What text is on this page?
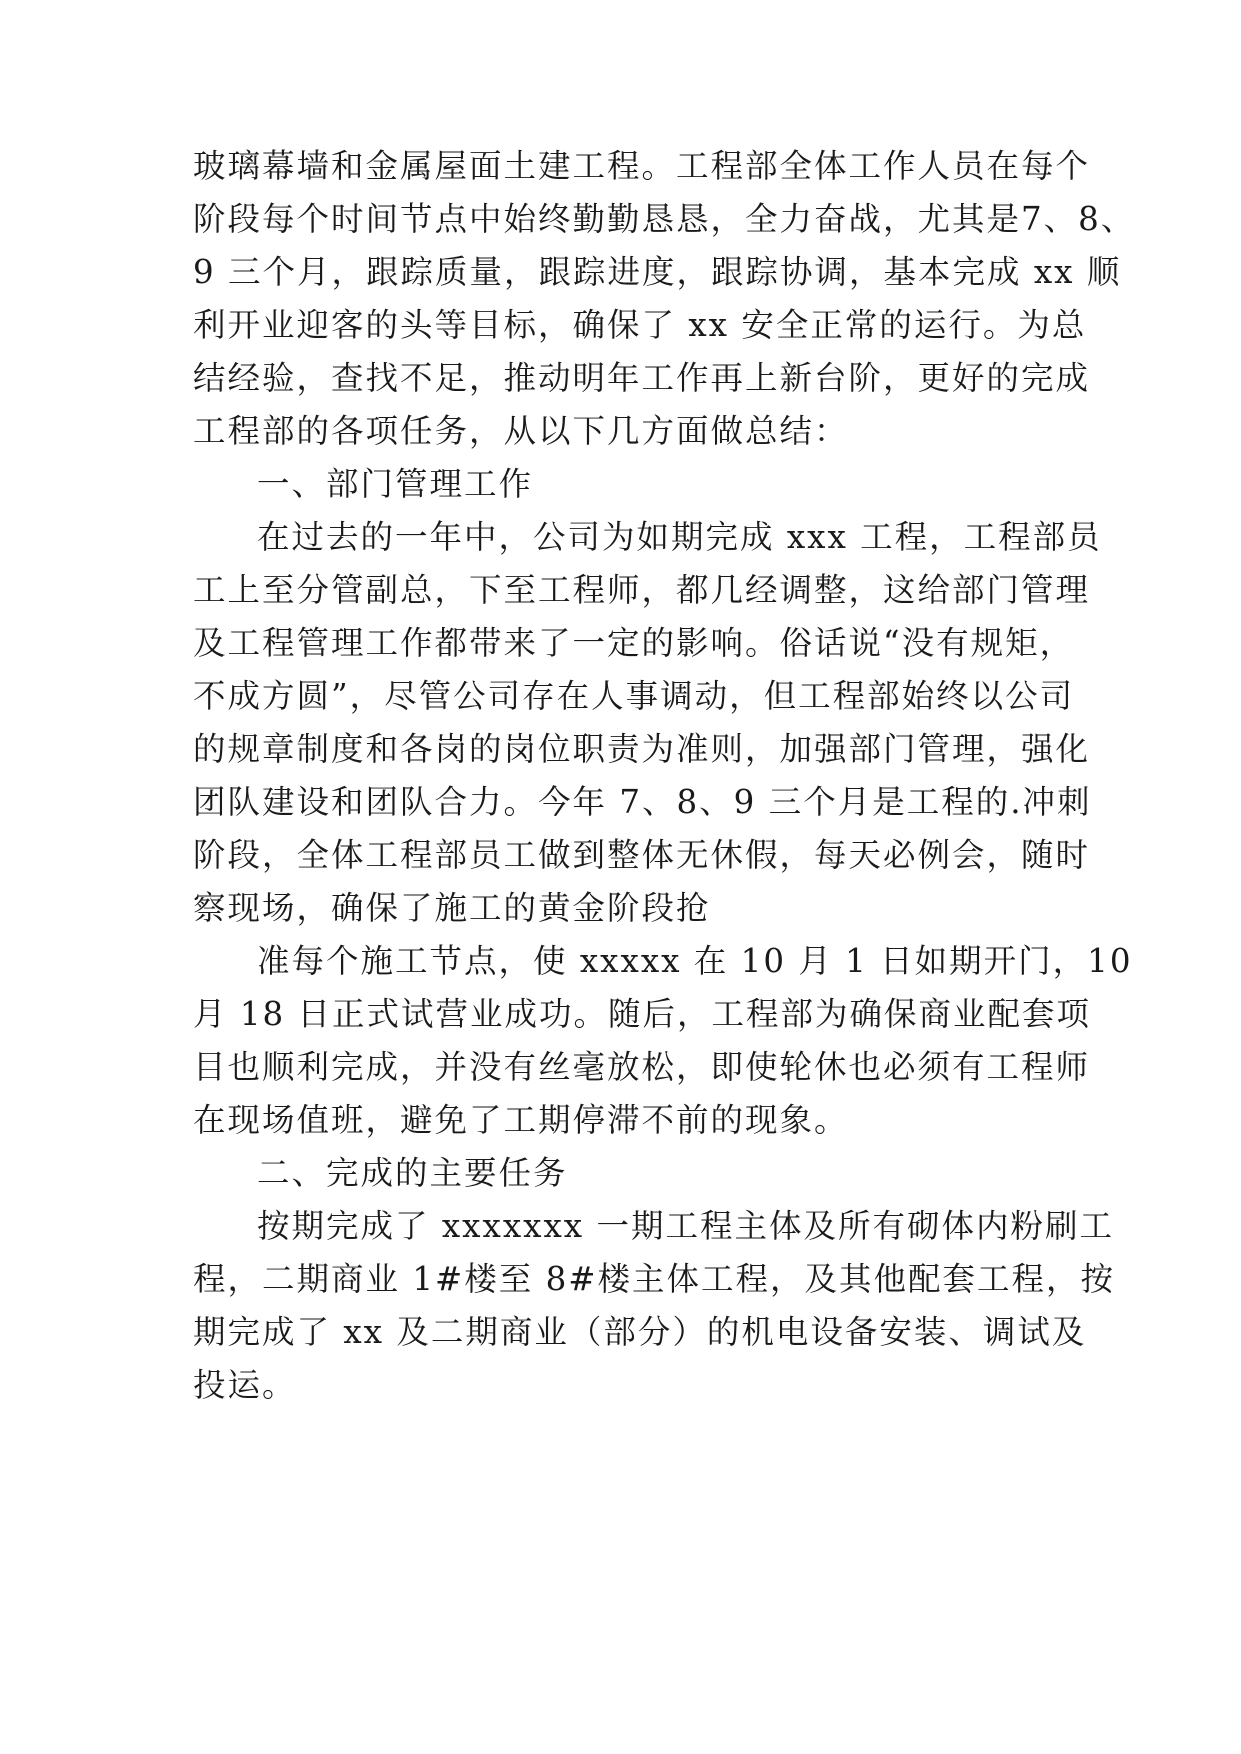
玻璃幕墙和金属屋面土建工程。工程部全体工作人员在每个
阶段每个时间节点中始终勤勤恳恳，全力奋战，尤其是7、8、
9 三个月，跟踪质量，跟踪进度，跟踪协调，基本完成 xx 顺
利开业迎客的头等目标，确保了 xx 安全正常的运行。为总
结经验，查找不足，推动明年工作再上新台阶，更好的完成
工程部的各项任务，从以下几方面做总结：
一、部门管理工作
在过去的一年中，公司为如期完成 xxx 工程，工程部员
工上至分管副总，下至工程师，都几经调整，这给部门管理
及工程管理工作都带来了一定的影响。俗话说“没有规矩，
不成方圆”，尽管公司存在人事调动，但工程部始终以公司
的规章制度和各岗的岗位职责为准则，加强部门管理，强化
团队建设和团队合力。今年 7、8、9 三个月是工程的.冲刺
阶段，全体工程部员工做到整体无休假，每天必例会，随时
察现场，确保了施工的黄金阶段抢
准每个施工节点，使 xxxxx 在 10 月 1 日如期开门，10
月 18 日正式试营业成功。随后，工程部为确保商业配套项
目也顺利完成，并没有丝毫放松，即使轮休也必须有工程师
在现场值班，避免了工期停滞不前的现象。
二、完成的主要任务
按期完成了 xxxxxxx 一期工程主体及所有砌体内粉刷工
程，二期商业 1#楼至 8#楼主体工程，及其他配套工程，按
期完成了 xx 及二期商业（部分）的机电设备安装、调试及
投运。
